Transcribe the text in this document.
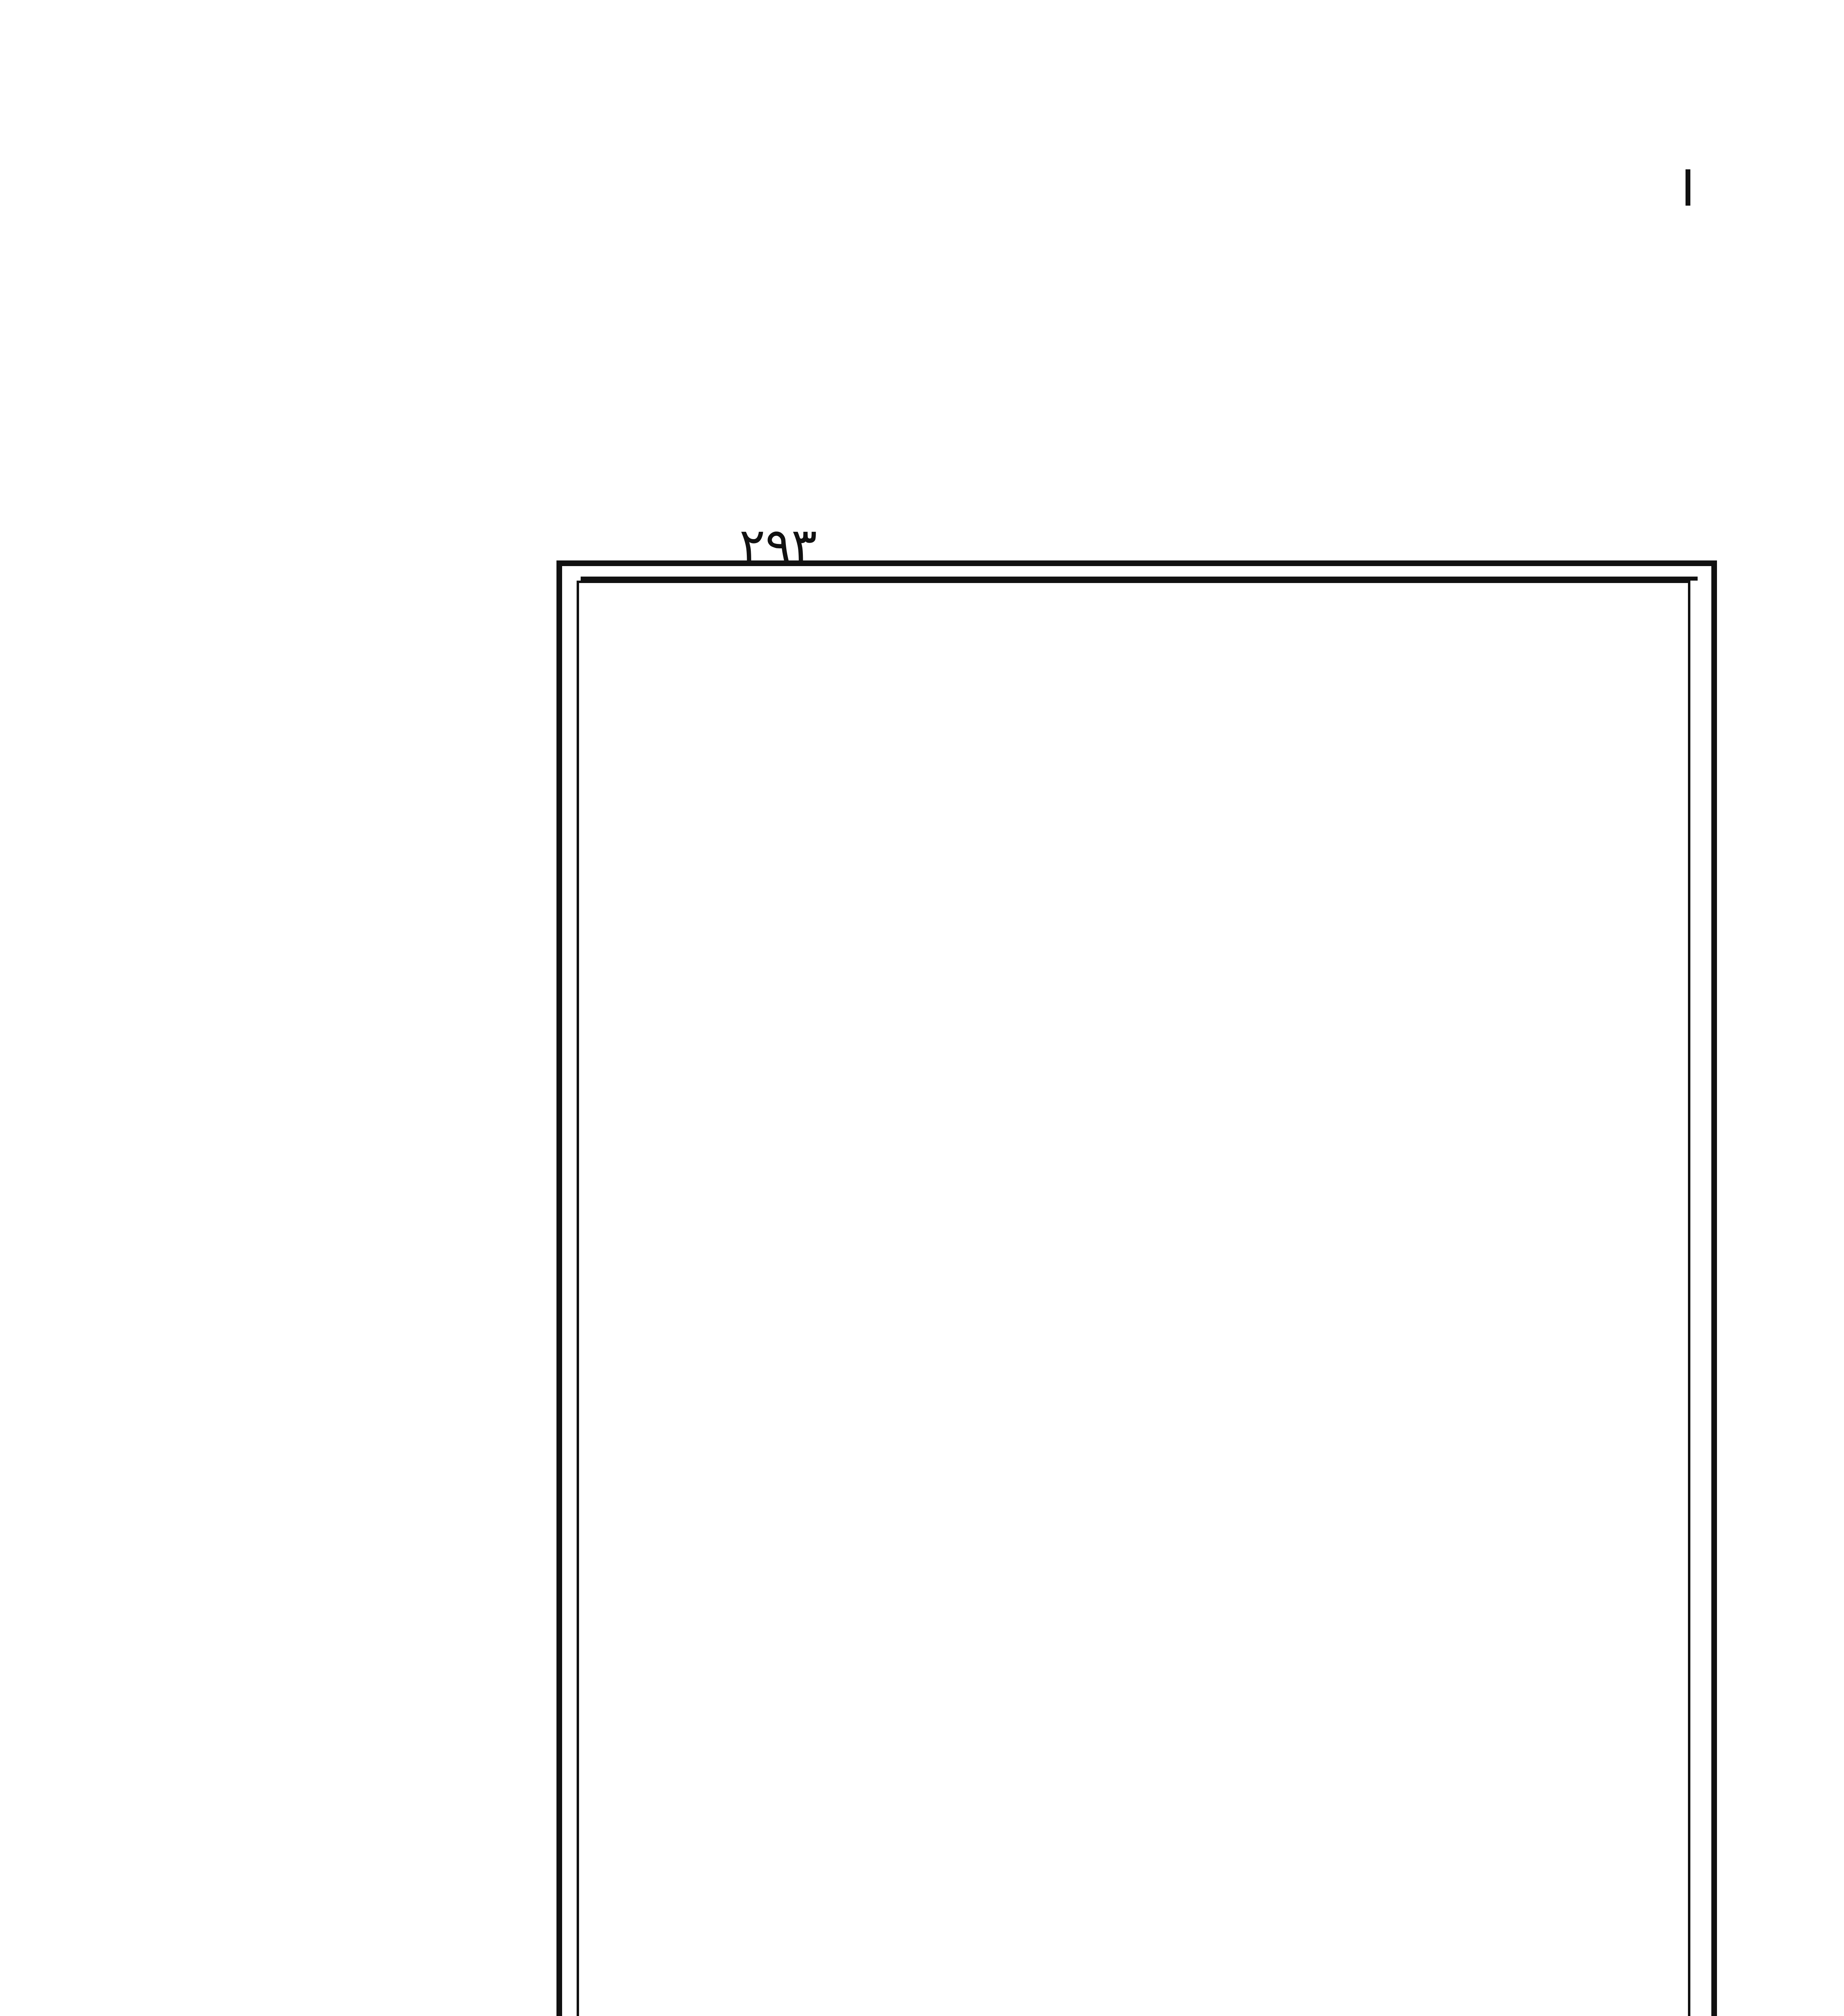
٢٩٣
